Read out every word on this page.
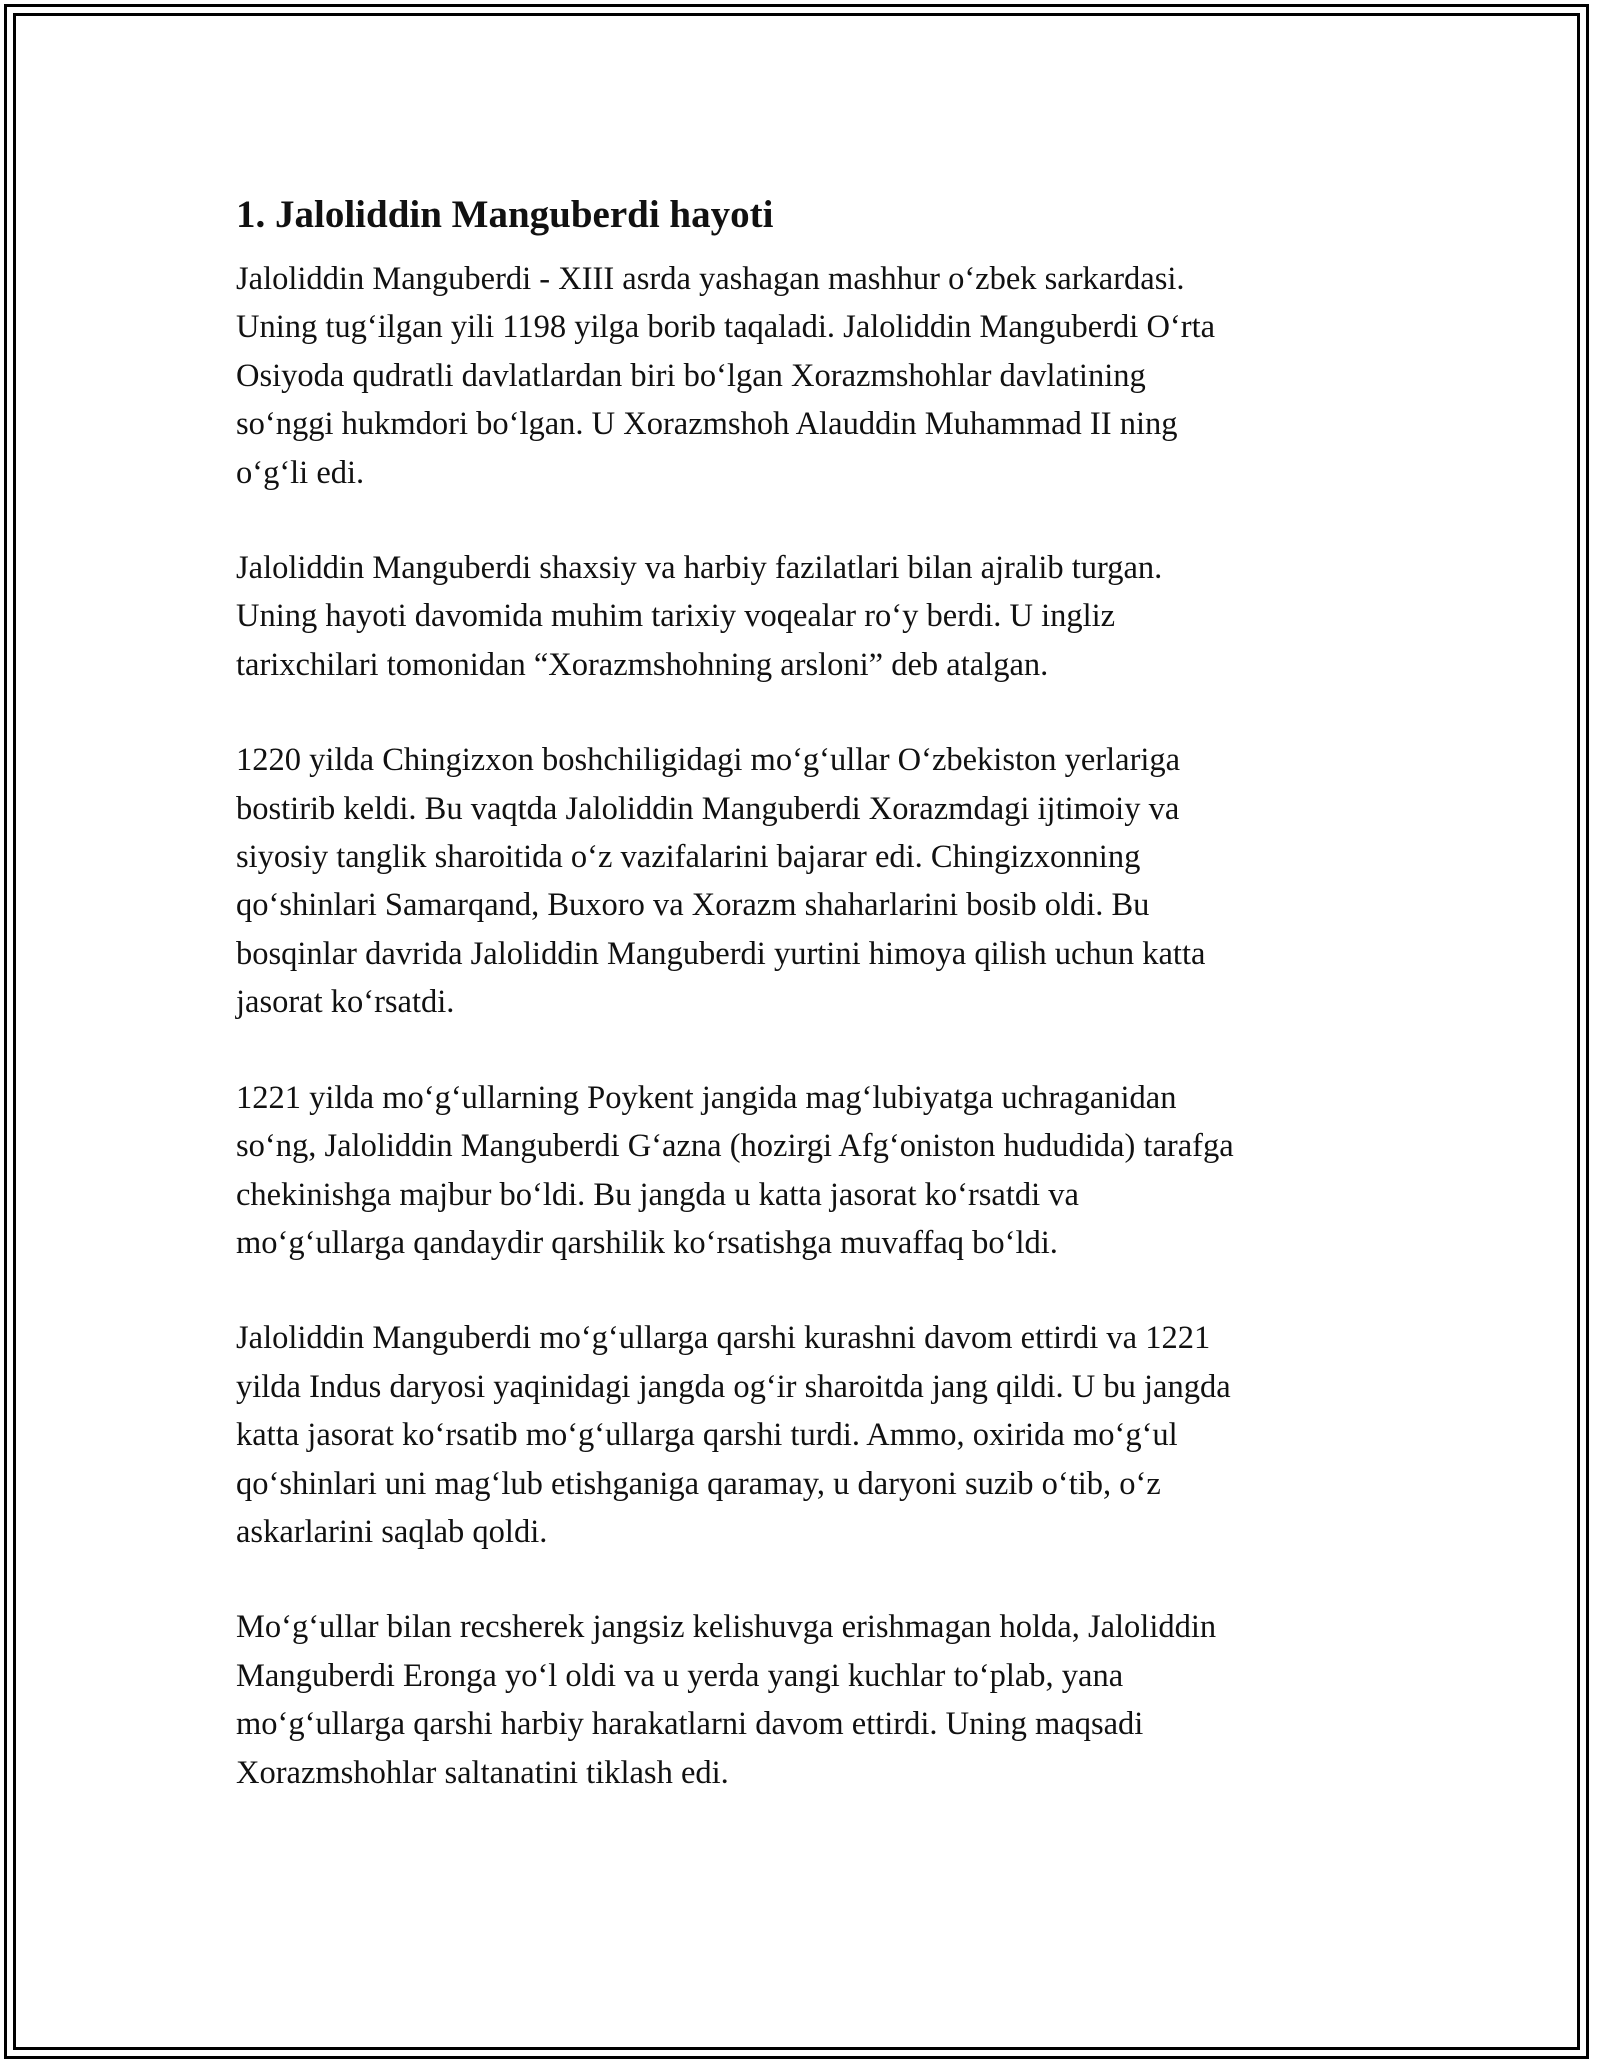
1. Jaloliddin Manguberdi hayoti
Jaloliddin Manguberdi - XIII asrda yashagan mashhur o‘zbek sarkardasi.
Uning tug‘ilgan yili 1198 yilga borib taqaladi. Jaloliddin Manguberdi O‘rta
Osiyoda qudratli davlatlardan biri bo‘lgan Xorazmshohlar davlatining
so‘nggi hukmdori bo‘lgan. U Xorazmshoh Alauddin Muhammad II ning
o‘g‘li edi.
Jaloliddin Manguberdi shaxsiy va harbiy fazilatlari bilan ajralib turgan.
Uning hayoti davomida muhim tarixiy voqealar ro‘y berdi. U ingliz
tarixchilari tomonidan “Xorazmshohning arsloni” deb atalgan.
1220 yilda Chingizxon boshchiligidagi mo‘g‘ullar O‘zbekiston yerlariga
bostirib keldi. Bu vaqtda Jaloliddin Manguberdi Xorazmdagi ijtimoiy va
siyosiy tanglik sharoitida o‘z vazifalarini bajarar edi. Chingizxonning
qo‘shinlari Samarqand, Buxoro va Xorazm shaharlarini bosib oldi. Bu
bosqinlar davrida Jaloliddin Manguberdi yurtini himoya qilish uchun katta
jasorat ko‘rsatdi.
1221 yilda mo‘g‘ullarning Poykent jangida mag‘lubiyatga uchraganidan
so‘ng, Jaloliddin Manguberdi G‘azna (hozirgi Afg‘oniston hududida) tarafga
chekinishga majbur bo‘ldi. Bu jangda u katta jasorat ko‘rsatdi va
mo‘g‘ullarga qandaydir qarshilik ko‘rsatishga muvaffaq bo‘ldi.
Jaloliddin Manguberdi mo‘g‘ullarga qarshi kurashni davom ettirdi va 1221
yilda Indus daryosi yaqinidagi jangda og‘ir sharoitda jang qildi. U bu jangda
katta jasorat ko‘rsatib mo‘g‘ullarga qarshi turdi. Ammo, oxirida mo‘g‘ul
qo‘shinlari uni mag‘lub etishganiga qaramay, u daryoni suzib o‘tib, o‘z
askarlarini saqlab qoldi.
Mo‘g‘ullar bilan recsherek jangsiz kelishuvga erishmagan holda, Jaloliddin
Manguberdi Eronga yo‘l oldi va u yerda yangi kuchlar to‘plab, yana
mo‘g‘ullarga qarshi harbiy harakatlarni davom ettirdi. Uning maqsadi
Xorazmshohlar saltanatini tiklash edi.
